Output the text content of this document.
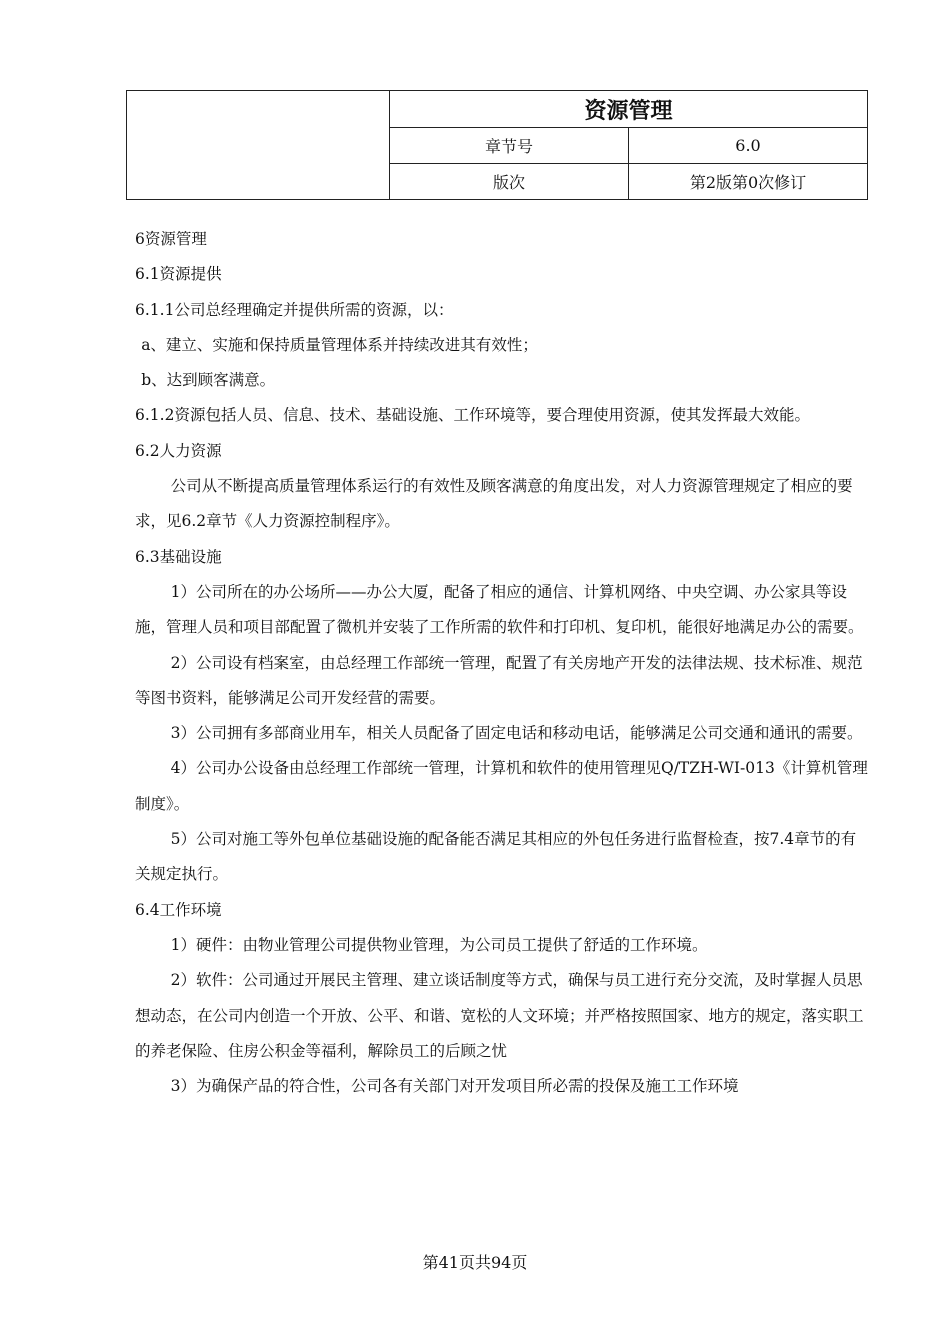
	资源管理	
	章节号	6.0
	版次	第2版第0次修订

6资源管理

6.1资源提供

6.1.1公司总经理确定并提供所需的资源，以：

a、建立、实施和保持质量管理体系并持续改进其有效性；

b、达到顾客满意。

6.1.2资源包括人员、信息、技术、基础设施、工作环境等，要合理使用资源，使其发挥最大效能。

6.2人力资源

公司从不断提高质量管理体系运行的有效性及顾客满意的角度出发，对人力资源管理规定了相应的要求，见6.2章节《人力资源控制程序》。

6.3基础设施

1）公司所在的办公场所——办公大厦，配备了相应的通信、计算机网络、中央空调、办公家具等设施，管理人员和项目部配置了微机并安装了工作所需的软件和打印机、复印机，能很好地满足办公的需要。

2）公司设有档案室，由总经理工作部统一管理，配置了有关房地产开发的法律法规、技术标准、规范等图书资料，能够满足公司开发经营的需要。

3）公司拥有多部商业用车，相关人员配备了固定电话和移动电话，能够满足公司交通和通讯的需要。

4）公司办公设备由总经理工作部统一管理，计算机和软件的使用管理见Q/TZH-WI-013《计算机管理制度》。

5）公司对施工等外包单位基础设施的配备能否满足其相应的外包任务进行监督检查，按7.4章节的有关规定执行。

6.4工作环境

1）硬件：由物业管理公司提供物业管理，为公司员工提供了舒适的工作环境。

2）软件：公司通过开展民主管理、建立谈话制度等方式，确保与员工进行充分交流，及时掌握人员思想动态，在公司内创造一个开放、公平、和谐、宽松的人文环境；并严格按照国家、地方的规定，落实职工的养老保险、住房公积金等福利，解除员工的后顾之忧

3）为确保产品的符合性，公司各有关部门对开发项目所必需的投保及施工工作环境

第41页共94页
